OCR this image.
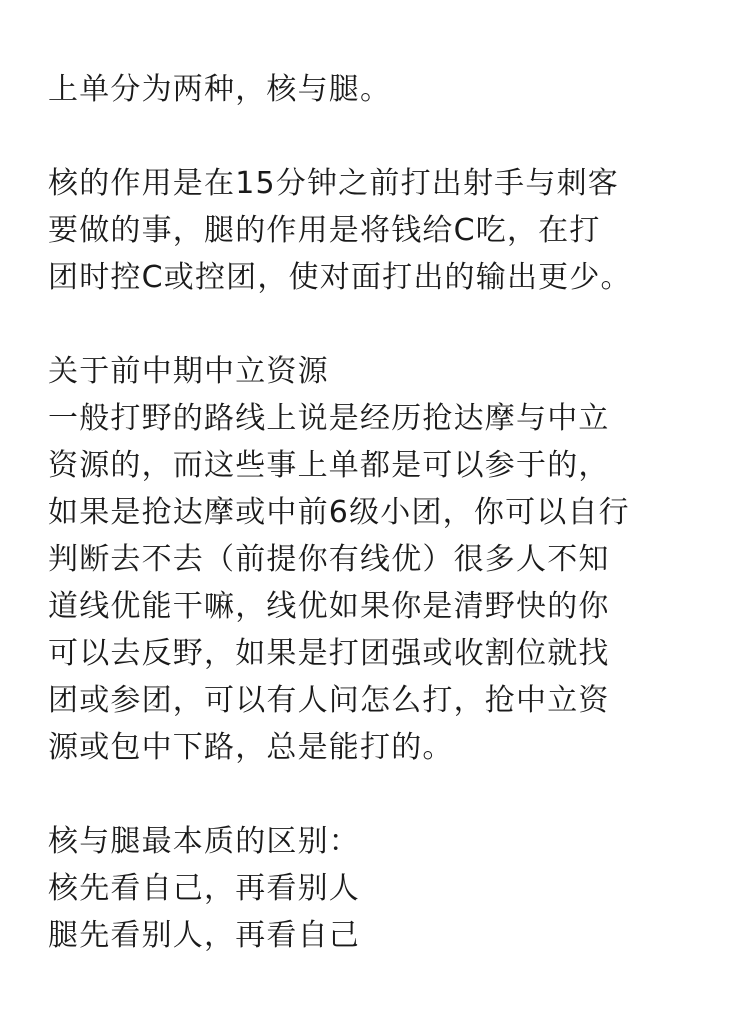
上单分为两种，核与腿。
核的作用是在15分钟之前打出射手与刺客
要做的事，腿的作用是将钱给C吃，在打
团时控C或控团，使对面打出的输出更少。
关于前中期中立资源
一般打野的路线上说是经历抢达摩与中立
资源的，而这些事上单都是可以参于的，
如果是抢达摩或中前6级小团，你可以自行
判断去不去（前提你有线优）很多人不知
道线优能干嘛，线优如果你是清野快的你
可以去反野，如果是打团强或收割位就找
团或参团，可以有人问怎么打，抢中立资
源或包中下路，总是能打的。
核与腿最本质的区别：
核先看自己，再看别人
腿先看别人，再看自己
